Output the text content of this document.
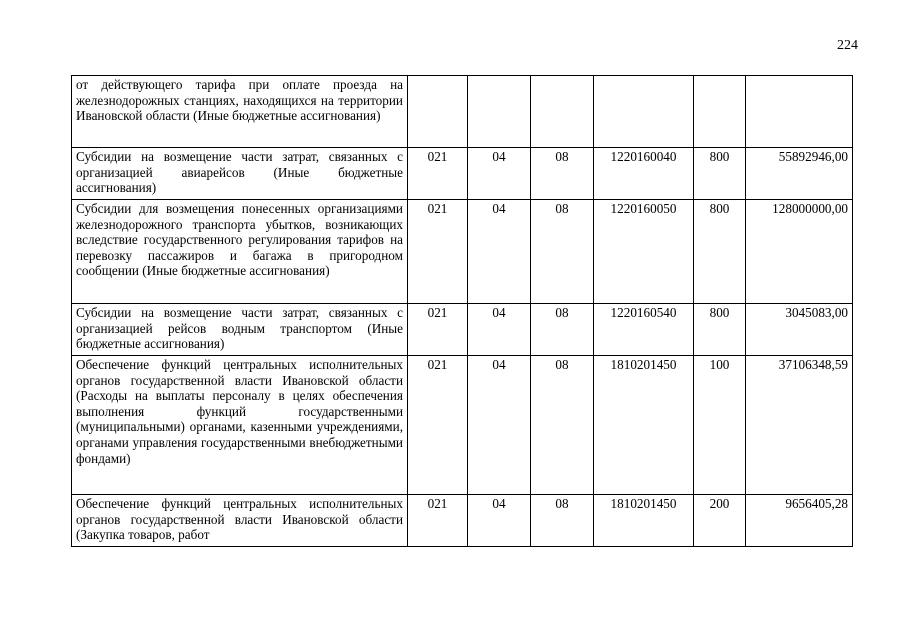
224
от действующего тарифа при оплате проезда на железнодорожных станциях, находящихся на территории Ивановской области (Иные бюджетные ассигнования)						
Субсидии на возмещение части затрат, связанных с организацией авиарейсов (Иные бюджетные ассигнования)	021	04	08	1220160040	800	55892946,00
Субсидии для возмещения понесенных организациями железнодорожного транспорта убытков, возникающих вследствие государственного регулирования тарифов на перевозку пассажиров и багажа в пригородном сообщении (Иные бюджетные ассигнования)	021	04	08	1220160050	800	128000000,00
Субсидии на возмещение части затрат, связанных с организацией рейсов водным транспортом (Иные бюджетные ассигнования)	021	04	08	1220160540	800	3045083,00
Обеспечение функций центральных исполнительных органов государственной власти Ивановской области (Расходы на выплаты персоналу в целях обеспечения выполнения функций государственными (муниципальными) органами, казенными учреждениями, органами управления государственными внебюджетными фондами)	021	04	08	1810201450	100	37106348,59
Обеспечение функций центральных исполнительных органов государственной власти Ивановской области (Закупка товаров, работ	021	04	08	1810201450	200	9656405,28
